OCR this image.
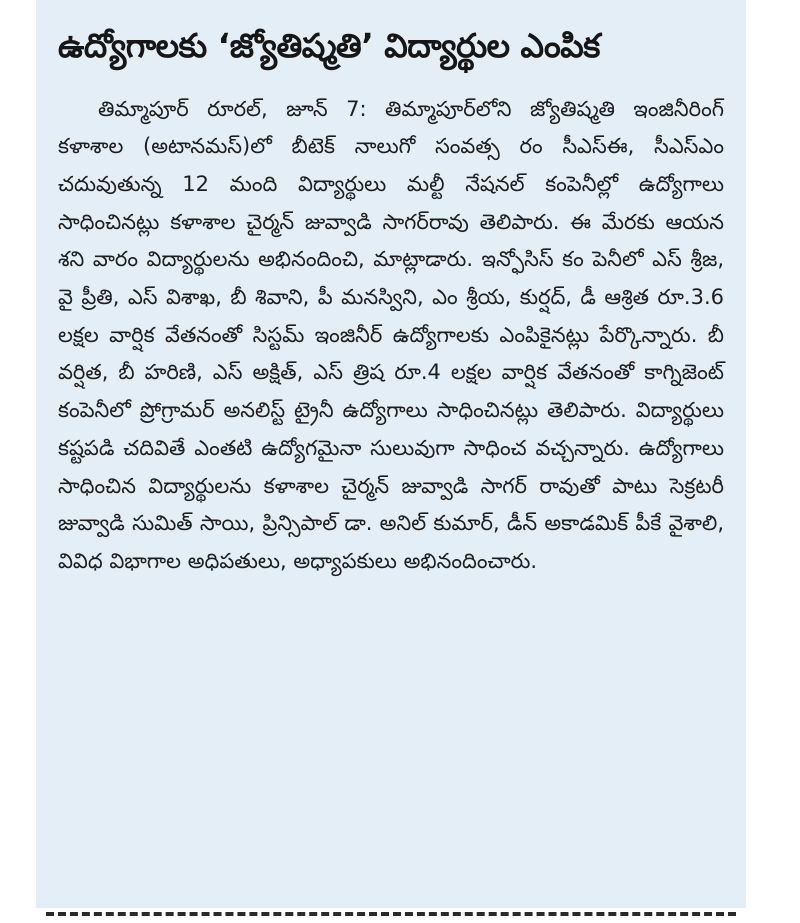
ఉద్యోగాలకు ‘జ్యోతిష్మతి’ విద్యార్థుల ఎంపిక

తిమ్మాపూర్ రూరల్, జూన్ 7: తిమ్మాపూర్‌లోని జ్యోతిష్మతి ఇంజినీరింగ్ కళాశాల (అటానమస్)లో బీటెక్ నాలుగో సంవత్స రం సీఎస్ఈ, సీఎస్ఎం చదువుతున్న 12 మంది విద్యార్థులు మల్టీ నేషనల్ కంపెనీల్లో ఉద్యోగాలు సాధించినట్లు కళాశాల చైర్మన్ జువ్వాడి సాగర్‌రావు తెలిపారు. ఈ మేరకు ఆయన శని వారం విద్యార్థులను అభినందించి, మాట్లాడారు. ఇన్ఫోసిస్ కం పెనీలో ఎస్ శ్రీజ, వై ప్రీతి, ఎస్ విశాఖ, బీ శివాని, పీ మనస్విని, ఎం శ్రీయ, కుర్షద్, డీ ఆశ్రిత రూ.3.6 లక్షల వార్షిక వేతనంతో సిస్టమ్ ఇంజినీర్ ఉద్యోగాలకు ఎంపికైనట్లు పేర్కొన్నారు. బీ వర్షిత, బీ హరిణి, ఎస్ అక్షిత్, ఎస్ త్రిష రూ.4 లక్షల వార్షిక వేతనంతో కాగ్నిజెంట్ కంపెనీలో ప్రోగ్రామర్ అనలిస్ట్ ట్రైనీ ఉద్యోగాలు సాధించినట్లు తెలిపారు. విద్యార్థులు కష్టపడి చదివితే ఎంతటి ఉద్యోగమైనా సులువుగా సాధించ వచ్చన్నారు. ఉద్యోగాలు సాధించిన విద్యార్థులను కళాశాల చైర్మన్ జువ్వాడి సాగర్ రావుతో పాటు సెక్రటరీ జువ్వాడి సుమిత్ సాయి, ప్రిన్సిపాల్ డా. అనిల్ కుమార్, డీన్ అకాడమిక్ పీకే వైశాలి, వివిధ విభాగాల అధిపతులు, అధ్యాపకులు అభినందించారు.
